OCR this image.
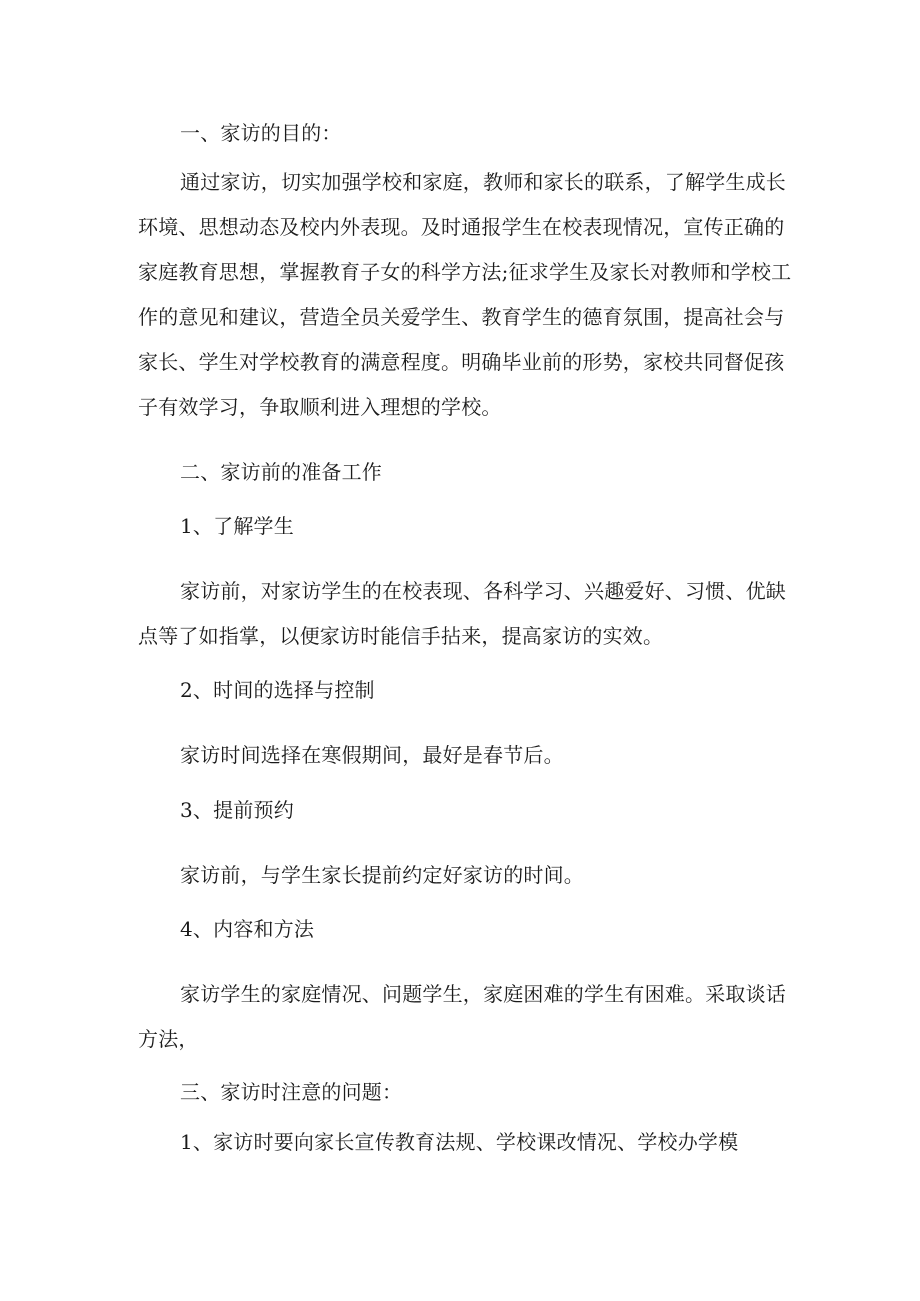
一、家访的目的：
通过家访，切实加强学校和家庭，教师和家长的联系，了解学生成长
环境、思想动态及校内外表现。及时通报学生在校表现情况，宣传正确的
家庭教育思想，掌握教育子女的科学方法;征求学生及家长对教师和学校工
作的意见和建议，营造全员关爱学生、教育学生的德育氛围，提高社会与
家长、学生对学校教育的满意程度。明确毕业前的形势，家校共同督促孩
子有效学习，争取顺利进入理想的学校。
二、家访前的准备工作
1、了解学生
家访前，对家访学生的在校表现、各科学习、兴趣爱好、习惯、优缺
点等了如指掌，以便家访时能信手拈来，提高家访的实效。
2、时间的选择与控制
家访时间选择在寒假期间，最好是春节后。
3、提前预约
家访前，与学生家长提前约定好家访的时间。
4、内容和方法
家访学生的家庭情况、问题学生，家庭困难的学生有困难。采取谈话
方法，
三、家访时注意的问题：
1、家访时要向家长宣传教育法规、学校课改情况、学校办学模
